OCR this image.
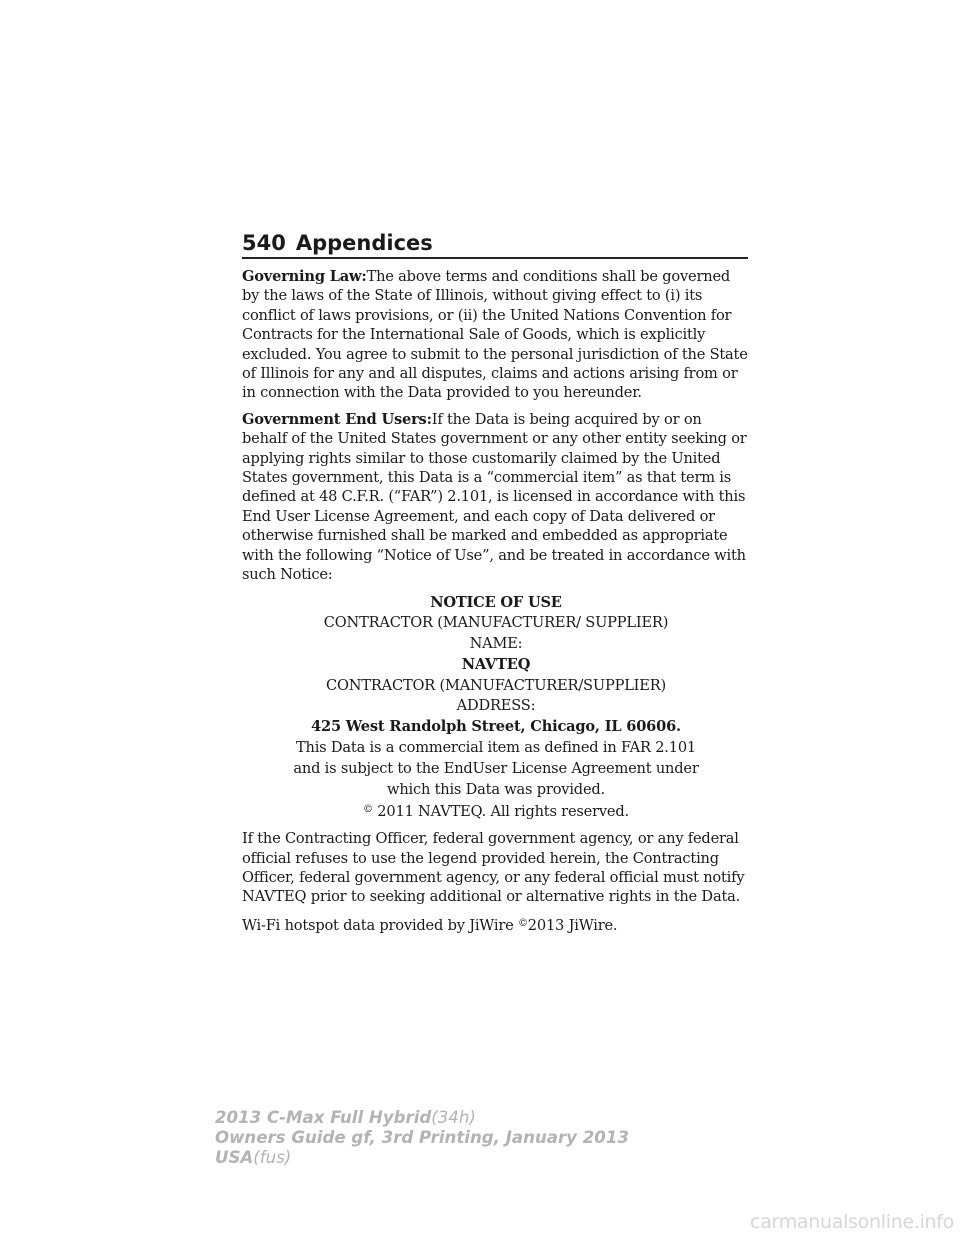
540 Appendices

Governing Law:The above terms and conditions shall be governed by the laws of the State of Illinois, without giving effect to (i) its conflict of laws provisions, or (ii) the United Nations Convention for Contracts for the International Sale of Goods, which is explicitly excluded. You agree to submit to the personal jurisdiction of the State of Illinois for any and all disputes, claims and actions arising from or in connection with the Data provided to you hereunder.

Government End Users:If the Data is being acquired by or on behalf of the United States government or any other entity seeking or applying rights similar to those customarily claimed by the United States government, this Data is a “commercial item” as that term is defined at 48 C.F.R. (“FAR”) 2.101, is licensed in accordance with this End User License Agreement, and each copy of Data delivered or otherwise furnished shall be marked and embedded as appropriate with the following “Notice of Use”, and be treated in accordance with such Notice:

NOTICE OF USE
CONTRACTOR (MANUFACTURER/ SUPPLIER)
NAME:
NAVTEQ
CONTRACTOR (MANUFACTURER/SUPPLIER)
ADDRESS:
425 West Randolph Street, Chicago, IL 60606.
This Data is a commercial item as defined in FAR 2.101
and is subject to the EndUser License Agreement under
which this Data was provided.
© 2011 NAVTEQ. All rights reserved.

If the Contracting Officer, federal government agency, or any federal official refuses to use the legend provided herein, the Contracting Officer, federal government agency, or any federal official must notify NAVTEQ prior to seeking additional or alternative rights in the Data.

Wi-Fi hotspot data provided by JiWire ©2013 JiWire.

2013 C-Max Full Hybrid(34h)
Owners Guide gf, 3rd Printing, January 2013
USA(fus)
carmanualsonline.info
